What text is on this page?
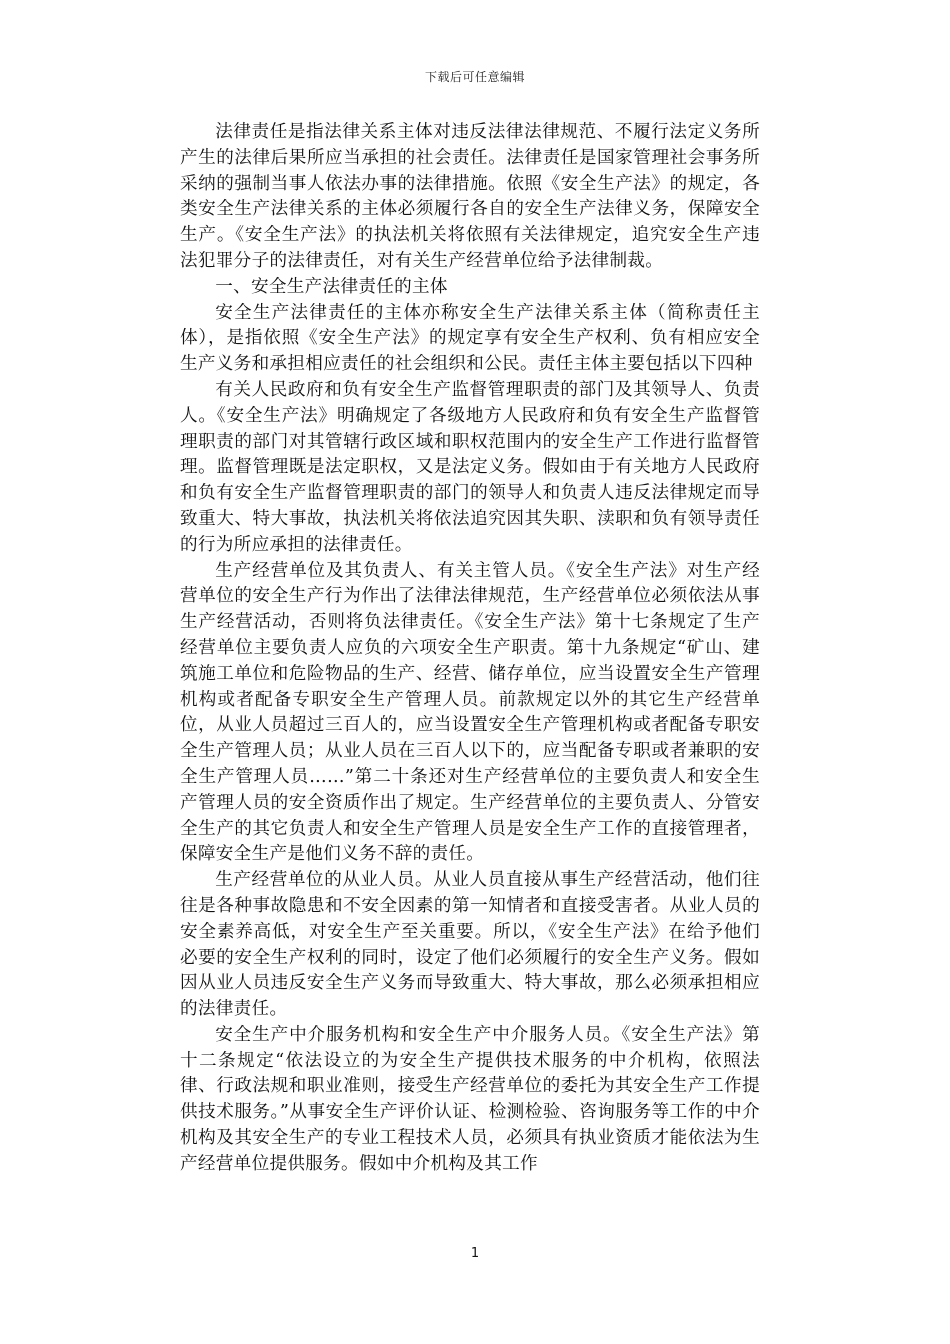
下载后可任意编辑

法律责任是指法律关系主体对违反法律法律规范、不履行法定义务所产生的法律后果所应当承担的社会责任。法律责任是国家管理社会事务所采纳的强制当事人依法办事的法律措施。依照《安全生产法》的规定，各类安全生产法律关系的主体必须履行各自的安全生产法律义务，保障安全生产。《安全生产法》的执法机关将依照有关法律规定，追究安全生产违法犯罪分子的法律责任，对有关生产经营单位给予法律制裁。

一、安全生产法律责任的主体

安全生产法律责任的主体亦称安全生产法律关系主体（简称责任主体），是指依照《安全生产法》的规定享有安全生产权利、负有相应安全生产义务和承担相应责任的社会组织和公民。责任主体主要包括以下四种

有关人民政府和负有安全生产监督管理职责的部门及其领导人、负责人。《安全生产法》明确规定了各级地方人民政府和负有安全生产监督管理职责的部门对其管辖行政区域和职权范围内的安全生产工作进行监督管理。监督管理既是法定职权，又是法定义务。假如由于有关地方人民政府和负有安全生产监督管理职责的部门的领导人和负责人违反法律规定而导致重大、特大事故，执法机关将依法追究因其失职、渎职和负有领导责任的行为所应承担的法律责任。

生产经营单位及其负责人、有关主管人员。《安全生产法》对生产经营单位的安全生产行为作出了法律法律规范，生产经营单位必须依法从事生产经营活动，否则将负法律责任。《安全生产法》第十七条规定了生产经营单位主要负责人应负的六项安全生产职责。第十九条规定“矿山、建筑施工单位和危险物品的生产、经营、储存单位，应当设置安全生产管理机构或者配备专职安全生产管理人员。前款规定以外的其它生产经营单位，从业人员超过三百人的，应当设置安全生产管理机构或者配备专职安全生产管理人员；从业人员在三百人以下的，应当配备专职或者兼职的安全生产管理人员……”第二十条还对生产经营单位的主要负责人和安全生产管理人员的安全资质作出了规定。生产经营单位的主要负责人、分管安全生产的其它负责人和安全生产管理人员是安全生产工作的直接管理者，保障安全生产是他们义务不辞的责任。

生产经营单位的从业人员。从业人员直接从事生产经营活动，他们往往是各种事故隐患和不安全因素的第一知情者和直接受害者。从业人员的安全素养高低，对安全生产至关重要。所以，《安全生产法》在给予他们必要的安全生产权利的同时，设定了他们必须履行的安全生产义务。假如因从业人员违反安全生产义务而导致重大、特大事故，那么必须承担相应的法律责任。

安全生产中介服务机构和安全生产中介服务人员。《安全生产法》第十二条规定“依法设立的为安全生产提供技术服务的中介机构，依照法律、行政法规和职业准则，接受生产经营单位的委托为其安全生产工作提供技术服务。”从事安全生产评价认证、检测检验、咨询服务等工作的中介机构及其安全生产的专业工程技术人员，必须具有执业资质才能依法为生产经营单位提供服务。假如中介机构及其工作

1
